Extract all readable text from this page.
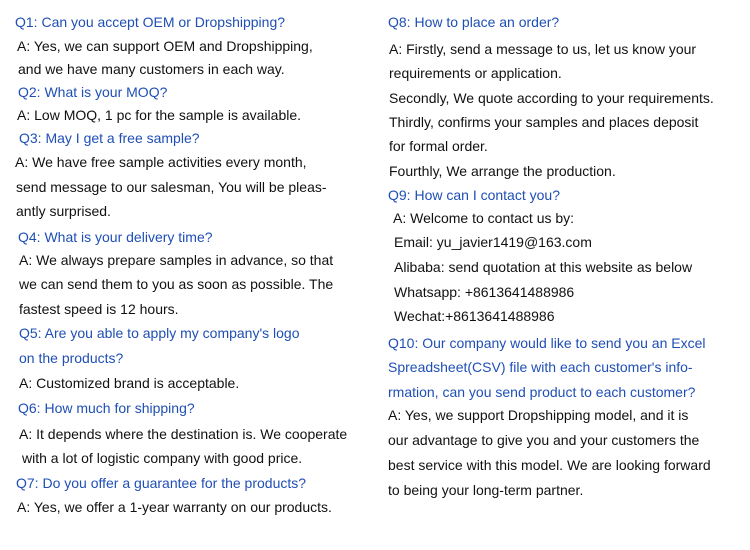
Q1: Can you accept OEM or Dropshipping?
A: Yes, we can support OEM and Dropshipping,
and we have many customers in each way.
Q2: What is your MOQ?
A: Low MOQ, 1 pc for the sample is available.
Q3: May I get a free sample?
A: We have free sample activities every month,
send message to our salesman, You will be pleas-
antly surprised.
Q4: What is your delivery time?
A: We always prepare samples in advance, so that
we can send them to you as soon as possible. The
fastest speed is 12 hours.
Q5: Are you able to apply my company's logo
on the products?
A: Customized brand is acceptable.
Q6: How much for shipping?
A: It depends where the destination is. We cooperate
with a lot of logistic company with good price.
Q7: Do you offer a guarantee for the products?
A: Yes, we offer a 1-year warranty on our products.
Q8: How to place an order?
A: Firstly, send a message to us, let us know your
requirements or application.
Secondly, We quote according to your requirements.
Thirdly, confirms your samples and places deposit
for formal order.
Fourthly, We arrange the production.
Q9: How can I contact you?
A: Welcome to contact us by:
Email: yu_javier1419@163.com
Alibaba: send quotation at this website as below
Whatsapp: +8613641488986
Wechat:+8613641488986
Q10: Our company would like to send you an Excel
Spreadsheet(CSV) file with each customer's info-
rmation, can you send product to each customer?
A: Yes, we support Dropshipping model, and it is
our advantage to give you and your customers the
best service with this model. We are looking forward
to being your long-term partner.
